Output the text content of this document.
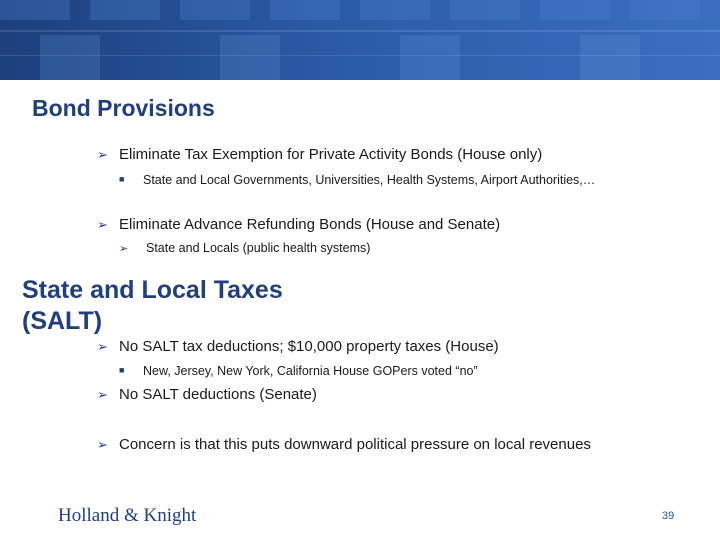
Bond Provisions
➢ Eliminate Tax Exemption for Private Activity Bonds (House only)
■ State and Local Governments, Universities, Health Systems, Airport Authorities,…
➢ Eliminate Advance Refunding Bonds (House and Senate)
➢ State and Locals (public health systems)
State and Local Taxes (SALT)
➢ No SALT tax deductions; $10,000 property taxes (House)
■ New, Jersey, New York, California House GOPers voted “no”
➢ No SALT deductions (Senate)
➢ Concern is that this puts downward political pressure on local revenues
Holland & Knight	39
